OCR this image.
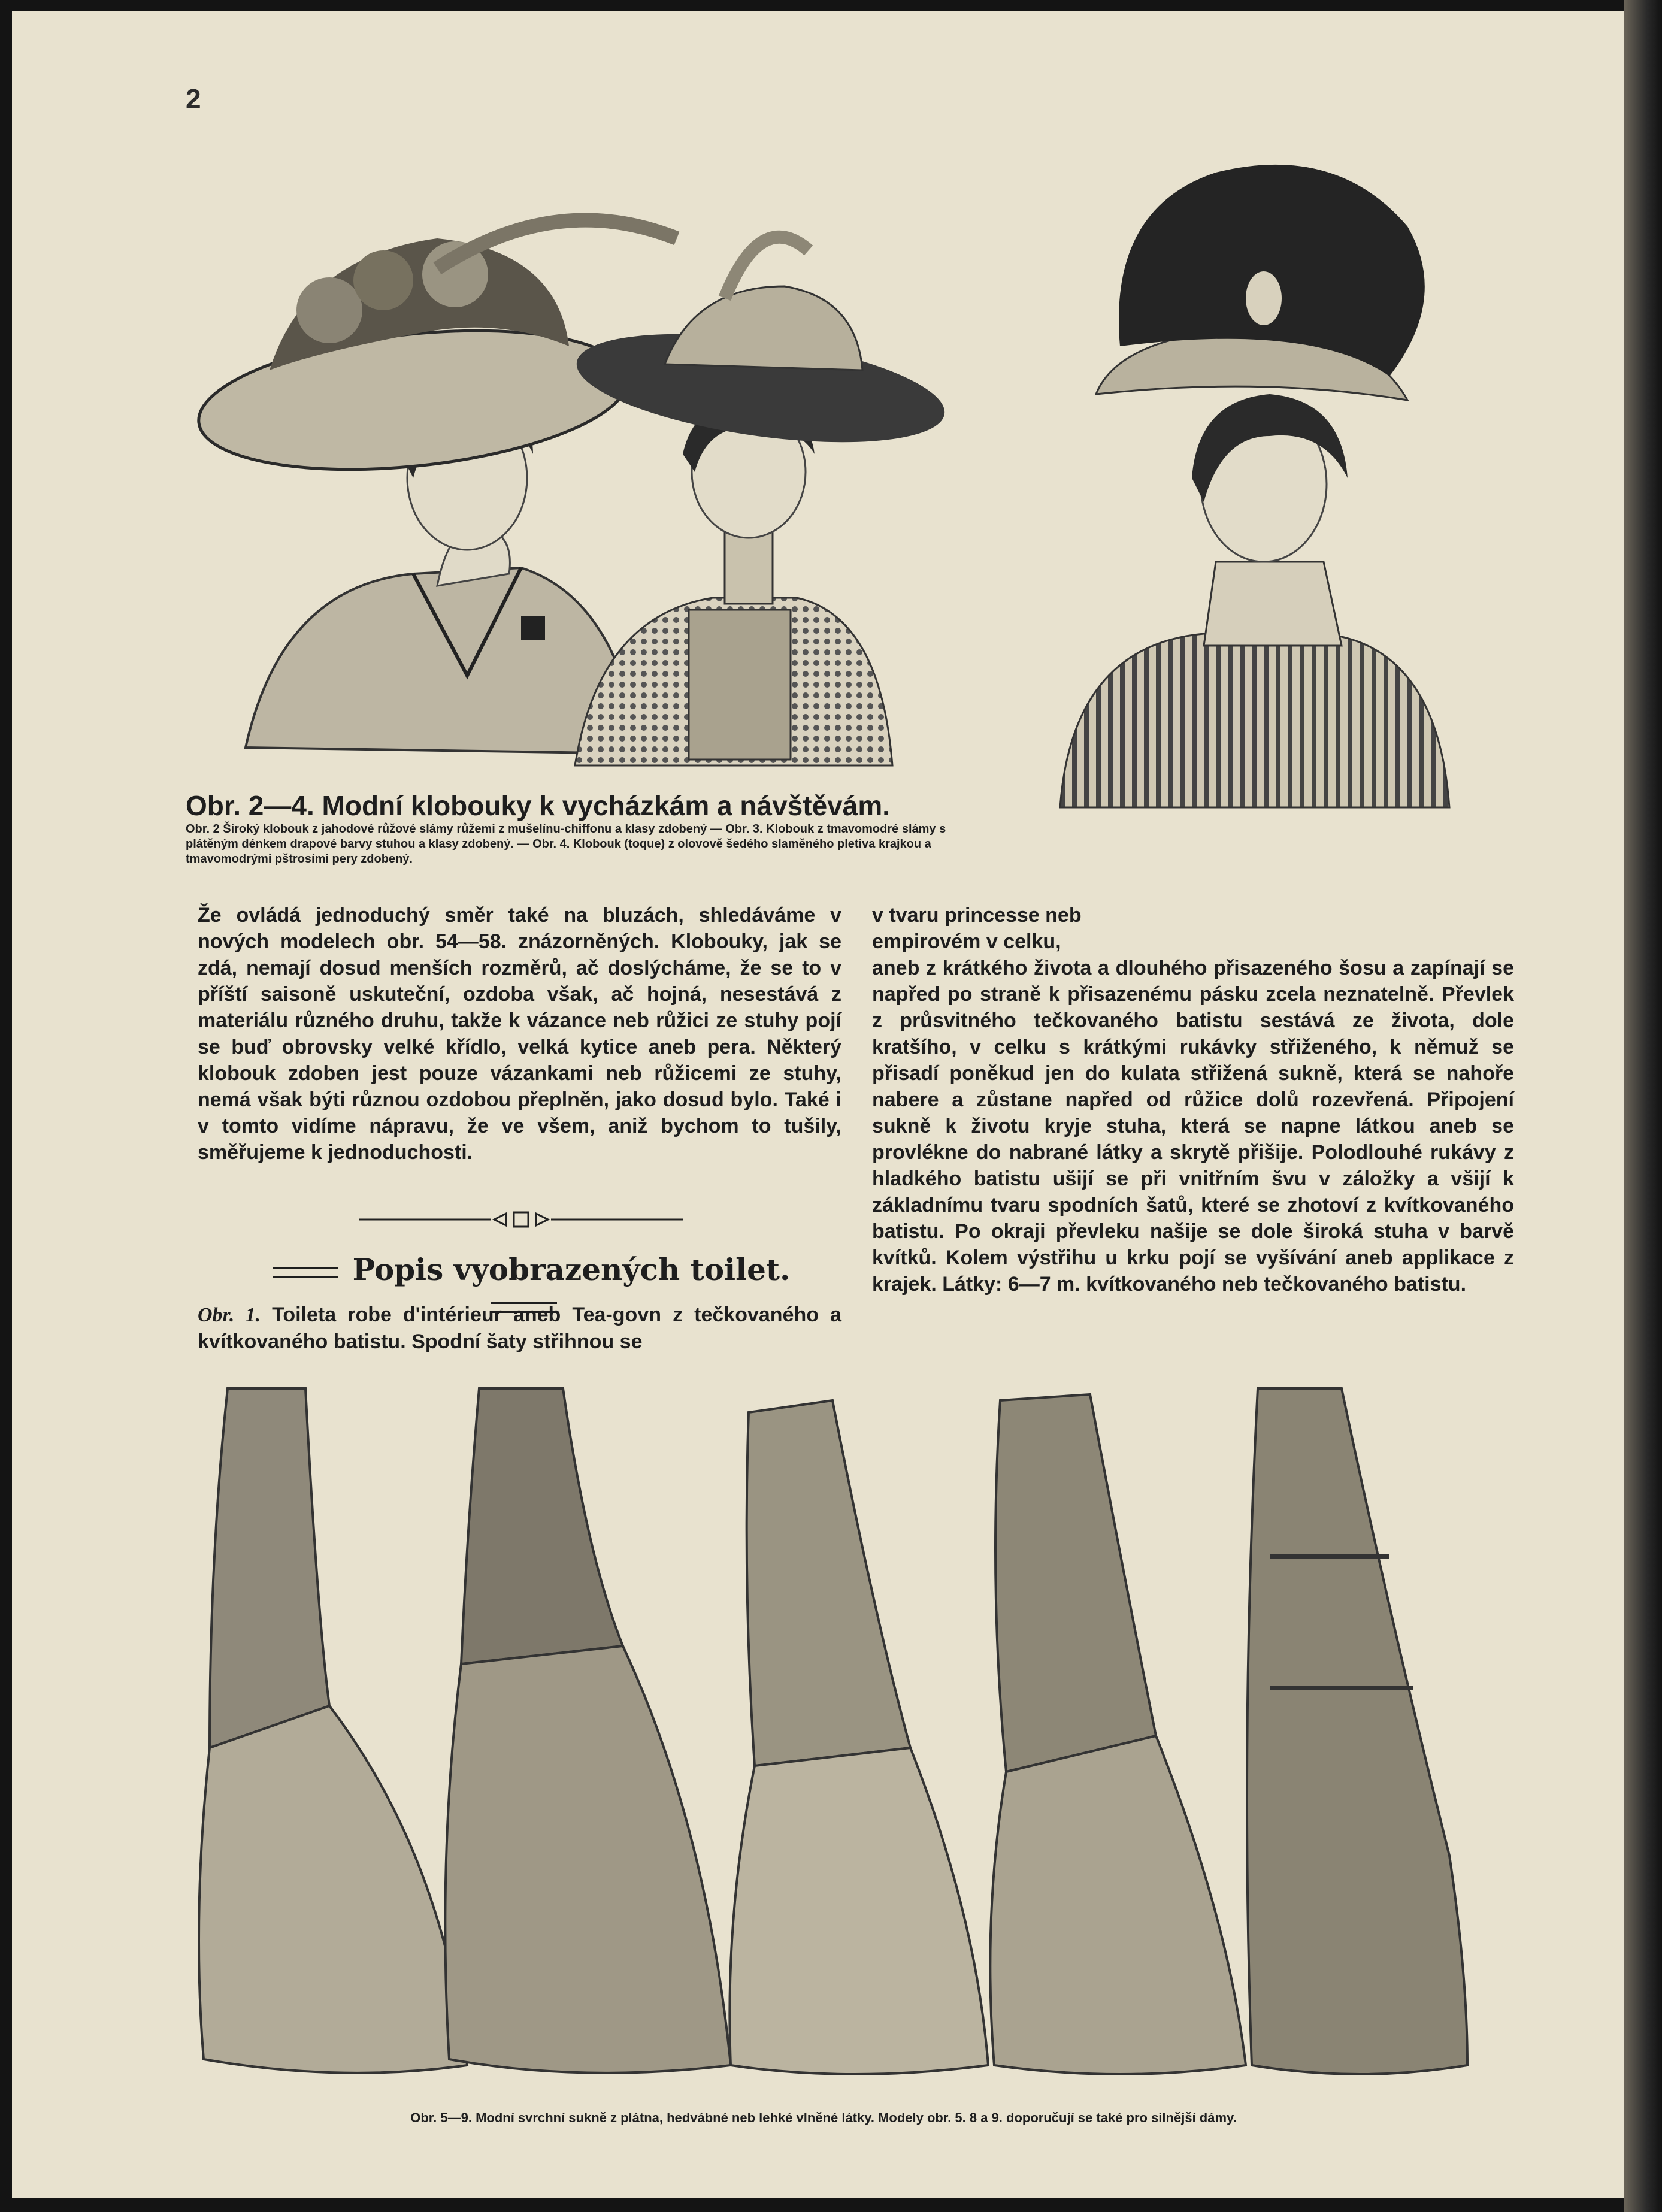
2
Obr. 2—4. Modní klobouky k vycházkám a návštěvám.
Obr. 2 Široký klobouk z jahodové růžové slámy růžemi z mušelínu-chiffonu a klasy zdobený — Obr. 3. Klobouk z tmavomodré slámy s plátěným dénkem drapové barvy stuhou a klasy zdobený. — Obr. 4. Klobouk (toque) z olovově šedého slaměného pletiva krajkou a tmavomodrými pštrosími pery zdobený.

Že ovládá jednoduchý směr také na bluzách, shledáváme v nových modelech obr. 54—58. znázorněných. Klobouky, jak se zdá, nemají dosud menších rozměrů, ač doslýcháme, že se to v příští saisoně uskuteční, ozdoba však, ač hojná, nesestává z materiálu různého druhu, takže k vázance neb růžici ze stuhy pojí se buď obrovsky velké křídlo, velká kytice aneb pera. Některý klobouk zdoben jest pouze vázankami neb růžicemi ze stuhy, nemá však býti různou ozdobou přeplněn, jako dosud bylo. Také i v tomto vidíme nápravu, že ve všem, aniž bychom to tušily, směřujeme k jednoduchosti.

Popis vyobrazených toilet.

Obr. 1. Toileta robe d'intérieur aneb Tea-govn z tečkovaného a kvítkovaného batistu. Spodní šaty střihnou se

v tvaru princesse neb
empirovém v celku,
aneb z krátkého života a dlouhého přisazeného šosu a zapínají se napřed po straně k přisazenému pásku zcela neznatelně. Převlek z průsvitného tečkovaného batistu sestává ze života, dole kratšího, v celku s krátkými rukávky střiženého, k němuž se přisadí poněkud jen do kulata střižená sukně, která se nahoře nabere a zůstane napřed od růžice dolů rozevřená. Připojení sukně k životu kryje stuha, která se napne látkou aneb se provlékne do nabrané látky a skrytě přišije. Polodlouhé rukávy z hladkého batistu ušijí se při vnitřním švu v záložky a všijí k základnímu tvaru spodních šatů, které se zhotoví z kvítkovaného batistu. Po okraji převleku našije se dole široká stuha v barvě kvítků. Kolem výstřihu u krku pojí se vyšívání aneb applikace z krajek. Látky: 6—7 m. kvítkovaného neb tečkovaného batistu.
Obr. 5—9. Modní svrchní sukně z plátna, hedvábné neb lehké vlněné látky. Modely obr. 5. 8 a 9. doporučují se také pro silnější dámy.
